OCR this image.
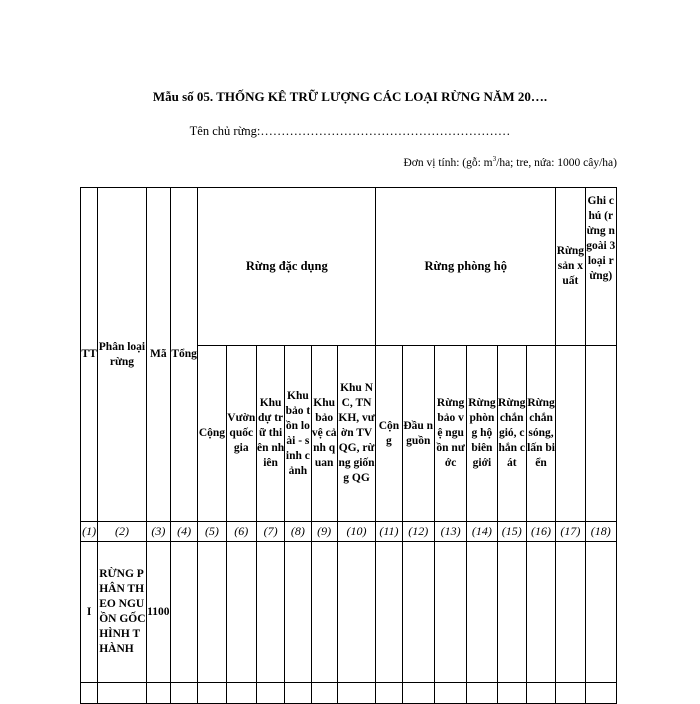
Mẫu số 05. THỐNG KÊ TRỮ LƯỢNG CÁC LOẠI RỪNG NĂM 20….
Tên chủ rừng:……………………………………………………
Đơn vị tính: (gỗ: $m^3/ha$; tre, nứa: 1000 cây/ha)
TT	Phân loại rừng	Mã	Tổng	Rừng đặc dụng						Rừng phòng hộ						Rừng sản xuất	Ghi chú (rừng ngoài 3 loại rừng)
				Cộng	Vườn quốc gia	Khu dự trữ thiên nhiên	Khu bảo tồn loài - sinh cảnh	Khu bảo vệ cảnh quan	Khu NC, TNKH, vườn TVQG, rừng giống QG	Cộng	Đầu nguồn	Rừng bảo vệ nguồn nước	Rừng phòng hộ biên giới	Rừng chắn gió, chắn cát	Rừng chắn sóng, lấn biển		
(1)	(2)	(3)	(4)	(5)	(6)	(7)	(8)	(9)	(10)	(11)	(12)	(13)	(14)	(15)	(16)	(17)	(18)
I	RỪNG PHÂN THEO NGUỒN GỐC HÌNH THÀNH	1100															
